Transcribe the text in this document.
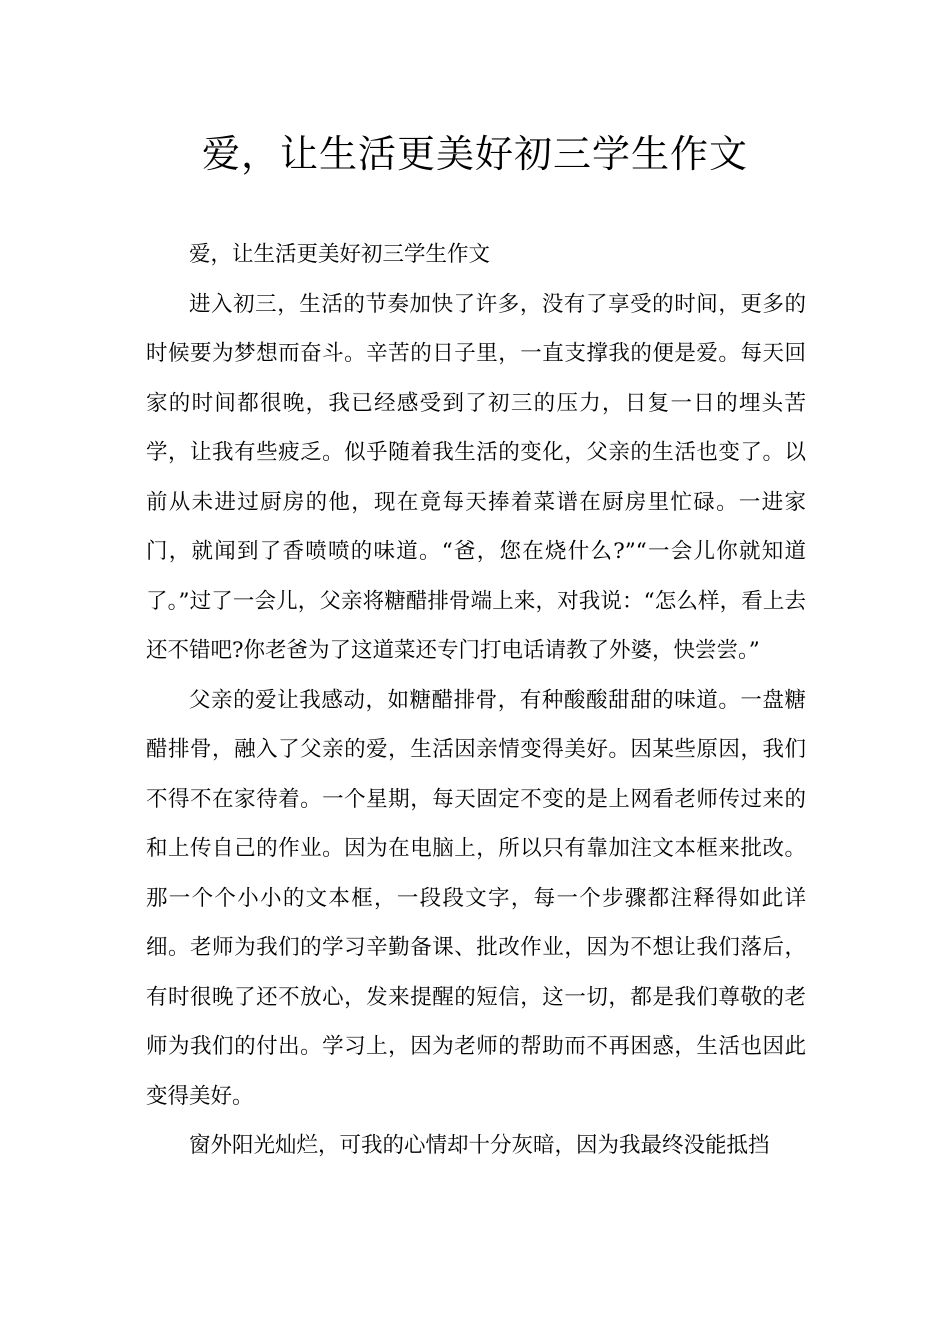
爱，让生活更美好初三学生作文

爱，让生活更美好初三学生作文

进入初三，生活的节奏加快了许多，没有了享受的时间，更多的时候要为梦想而奋斗。辛苦的日子里，一直支撑我的便是爱。每天回家的时间都很晚，我已经感受到了初三的压力，日复一日的埋头苦学，让我有些疲乏。似乎随着我生活的变化，父亲的生活也变了。以前从未进过厨房的他，现在竟每天捧着菜谱在厨房里忙碌。一进家门，就闻到了香喷喷的味道。“爸，您在烧什么?”“一会儿你就知道了。”过了一会儿，父亲将糖醋排骨端上来，对我说：“怎么样，看上去还不错吧?你老爸为了这道菜还专门打电话请教了外婆，快尝尝。”

父亲的爱让我感动，如糖醋排骨，有种酸酸甜甜的味道。一盘糖醋排骨，融入了父亲的爱，生活因亲情变得美好。因某些原因，我们不得不在家待着。一个星期，每天固定不变的是上网看老师传过来的和上传自己的作业。因为在电脑上，所以只有靠加注文本框来批改。那一个个小小的文本框，一段段文字，每一个步骤都注释得如此详细。老师为我们的学习辛勤备课、批改作业，因为不想让我们落后，有时很晚了还不放心，发来提醒的短信，这一切，都是我们尊敬的老师为我们的付出。学习上，因为老师的帮助而不再困惑，生活也因此变得美好。

窗外阳光灿烂，可我的心情却十分灰暗，因为我最终没能抵挡
